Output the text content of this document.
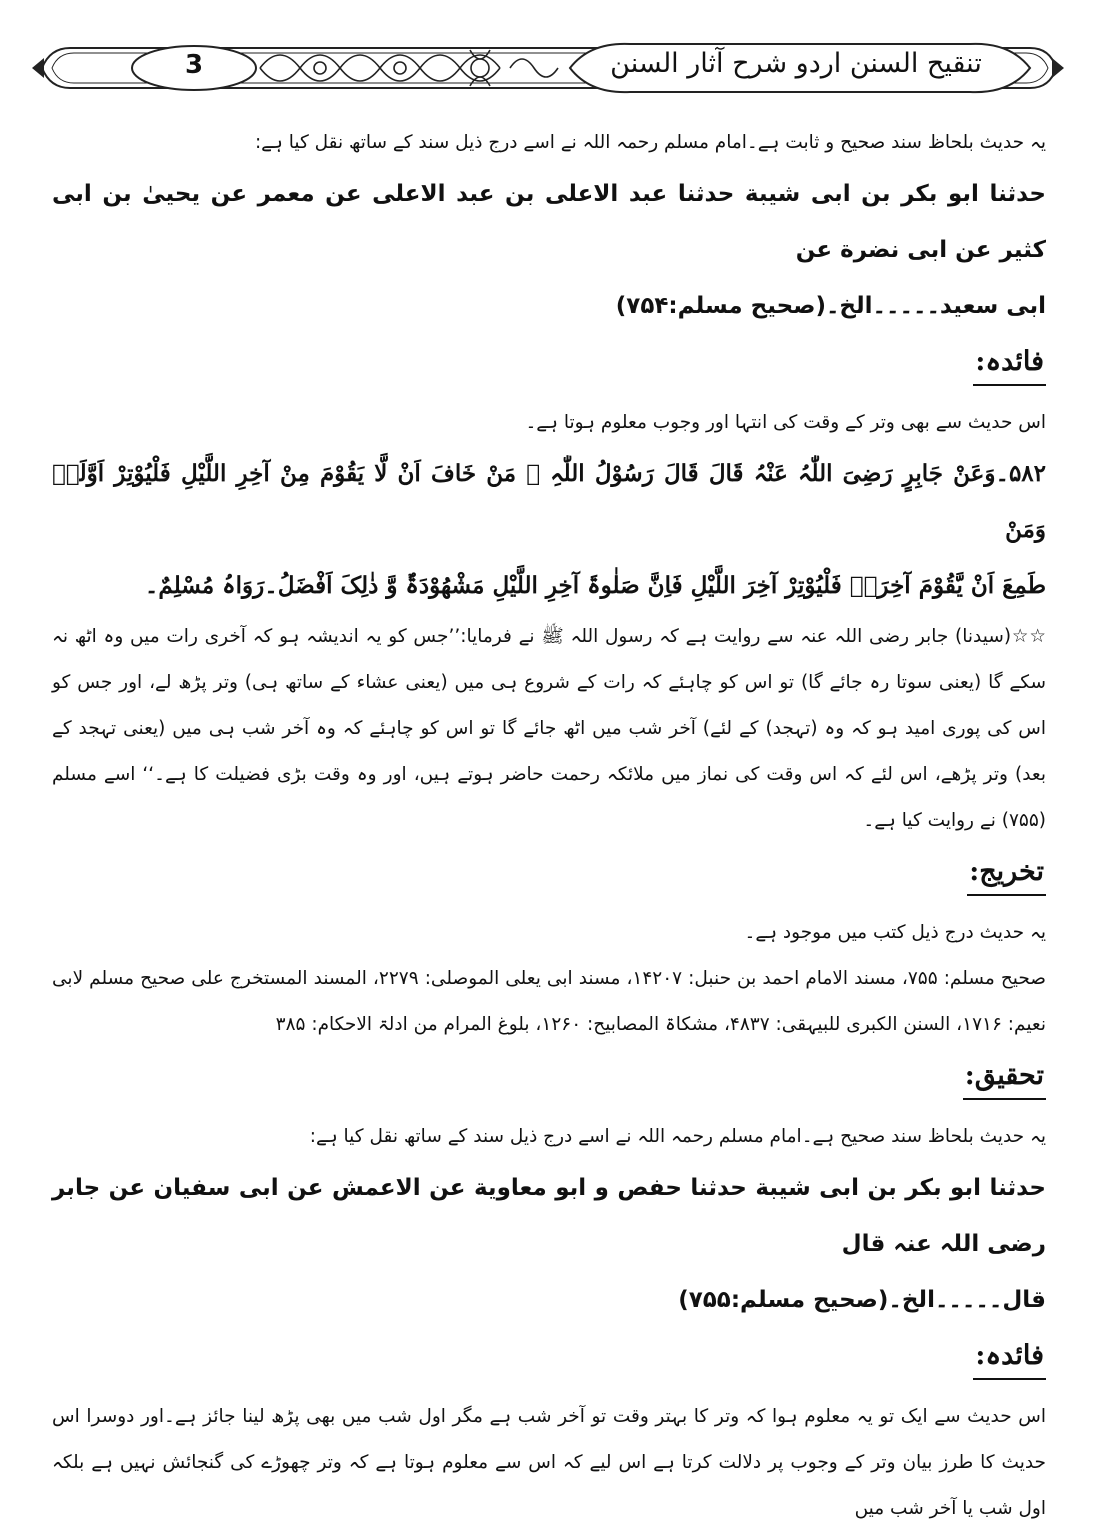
3	تنقیح السنن اردو شرح آثار السنن

یہ حدیث بلحاظ سند صحیح و ثابت ہے۔امام مسلم رحمہ اللہ نے اسے درج ذیل سند کے ساتھ نقل کیا ہے:

حدثنا ابو بکر بن ابی شیبة حدثنا عبد الاعلی بن عبد الاعلی عن معمر عن یحییٰ بن ابی کثیر عن ابی نضرة عن

ابی سعید۔۔۔۔۔الخ۔(صحیح مسلم:۷۵۴)

فائدہ:

اس حدیث سے بھی وتر کے وقت کی انتہا اور وجوب معلوم ہوتا ہے۔

۵۸۲۔وَعَنْ جَابِرٍ رَضِیَ اللّٰہُ عَنْہُ قَالَ قَالَ رَسُوْلُ اللّٰہِ ﷺ مَنْ خَافَ اَنْ لَّا یَقُوْمَ مِنْ آخِرِ اللَّیْلِ فَلْیُوْتِرْ اَوَّلَہٗ وَمَنْ

طَمِعَ اَنْ یَّقُوْمَ آخِرَہٗ فَلْیُوْتِرْ آخِرَ اللَّیْلِ فَاِنَّ صَلٰوۃَ آخِرِ اللَّیْلِ مَشْھُوْدَۃٌ وَّ ذٰلِکَ اَفْضَلُ۔رَوَاہُ مُسْلِمٌ۔

☆☆(سیدنا) جابر رضی اللہ عنہ سے روایت ہے کہ رسول اللہ ﷺ نے فرمایا:’’جس کو یہ اندیشہ ہو کہ آخری رات میں وہ اٹھ نہ سکے گا (یعنی سوتا رہ جائے گا) تو اس کو چاہئے کہ رات کے شروع ہی میں (یعنی عشاء کے ساتھ ہی) وتر پڑھ لے، اور جس کو اس کی پوری امید ہو کہ وہ (تہجد) کے لئے) آخر شب میں اٹھ جائے گا تو اس کو چاہئے کہ وہ آخر شب ہی میں (یعنی تہجد کے بعد) وتر پڑھے، اس لئے کہ اس وقت کی نماز میں ملائکہ رحمت حاضر ہوتے ہیں، اور وہ وقت بڑی فضیلت کا ہے۔‘‘ اسے مسلم (۷۵۵) نے روایت کیا ہے۔

تخریج:

یہ حدیث درج ذیل کتب میں موجود ہے۔

صحیح مسلم: ۷۵۵، مسند الامام احمد بن حنبل: ۱۴۲۰۷، مسند ابی یعلی الموصلی: ۲۲۷۹، المسند المستخرج علی صحیح مسلم لابی نعیم: ۱۷۱۶، السنن الکبری للبیہقی: ۴۸۳۷، مشکاۃ المصابیح: ۱۲۶۰، بلوغ المرام من ادلۃ الاحکام: ۳۸۵

تحقیق:

یہ حدیث بلحاظ سند صحیح ہے۔امام مسلم رحمہ اللہ نے اسے درج ذیل سند کے ساتھ نقل کیا ہے:

حدثنا ابو بکر بن ابی شیبة حدثنا حفص و ابو معاویة عن الاعمش عن ابی سفیان عن جابر رضی اللہ عنہ قال

قال۔۔۔۔۔الخ۔(صحیح مسلم:۷۵۵)

فائدہ:

اس حدیث سے ایک تو یہ معلوم ہوا کہ وتر کا بہتر وقت تو آخر شب ہے مگر اول شب میں بھی پڑھ لینا جائز ہے۔اور دوسرا اس حدیث کا طرز بیان وتر کے وجوب پر دلالت کرتا ہے اس لیے کہ اس سے معلوم ہوتا ہے کہ وتر چھوڑے کی گنجائش نہیں ہے بلکہ اول شب یا آخر شب میں
